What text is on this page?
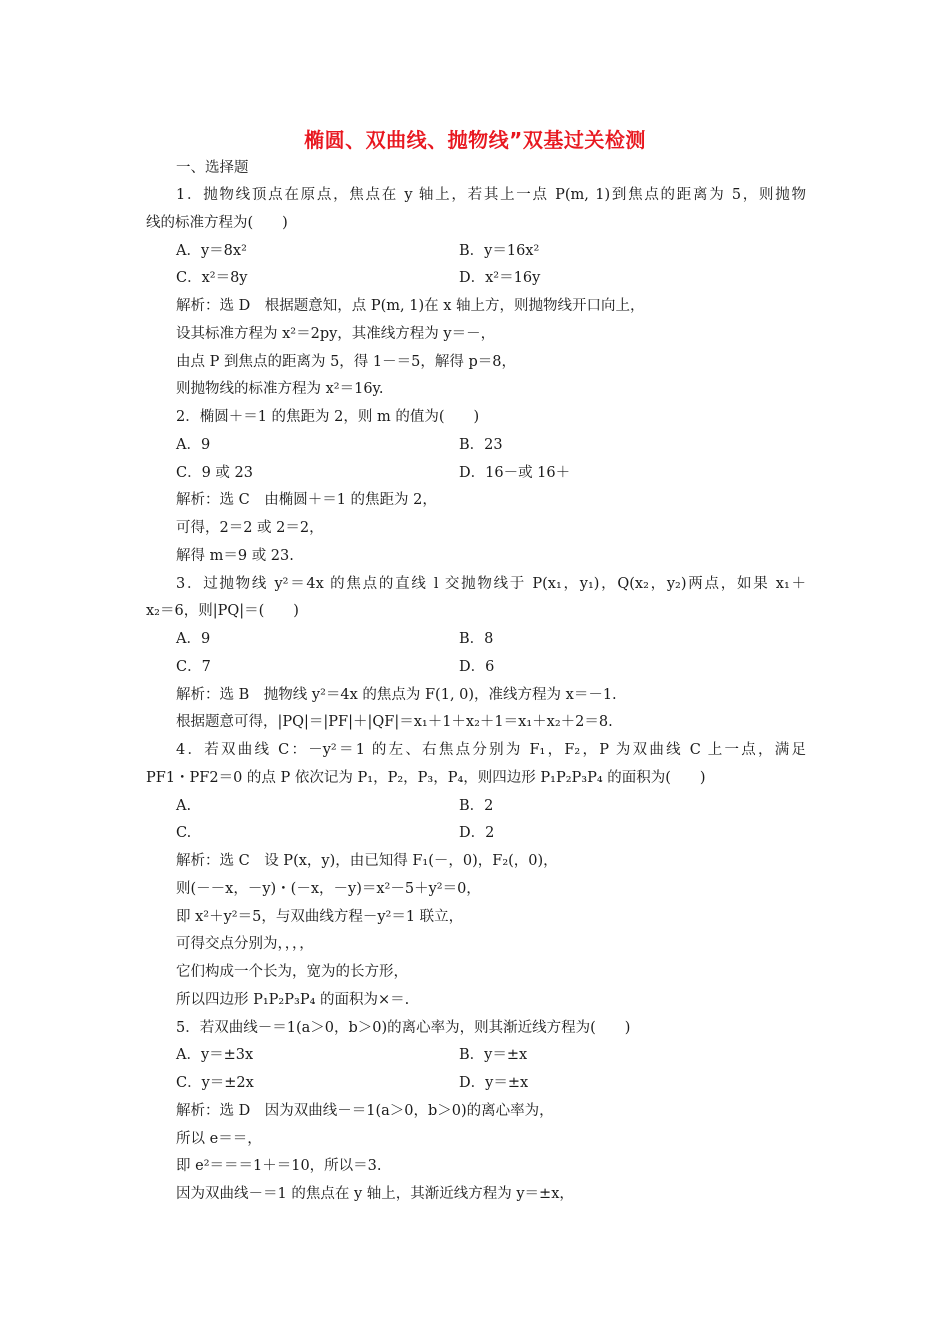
椭圆、双曲线、抛物线”双基过关检测
一、选择题
1．抛物线顶点在原点，焦点在 y 轴上，若其上一点 P(m, 1)到焦点的距离为 5，则抛物
线的标准方程为(　　)
A．y＝8x²	B．y＝16x²
C．x²＝8y	D．x²＝16y
解析：选 D　根据题意知，点 P(m, 1)在 x 轴上方，则抛物线开口向上，
设其标准方程为 x²＝2py，其准线方程为 y＝－，
由点 P 到焦点的距离为 5，得 1－＝5，解得 p＝8，
则抛物线的标准方程为 x²＝16y.
2．椭圆＋＝1 的焦距为 2，则 m 的值为(　　)
A．9	B．23
C．9 或 23	D．16－或 16＋
解析：选 C　由椭圆＋＝1 的焦距为 2，
可得，2＝2 或 2＝2，
解得 m＝9 或 23.
3．过抛物线 y²＝4x 的焦点的直线 l 交抛物线于 P(x₁，y₁)，Q(x₂，y₂)两点，如果 x₁＋
x₂＝6，则|PQ|＝(　　)
A．9	B．8
C．7	D．6
解析：选 B　抛物线 y²＝4x 的焦点为 F(1, 0)，准线方程为 x＝－1.
根据题意可得，|PQ|＝|PF|＋|QF|＝x₁＋1＋x₂＋1＝x₁＋x₂＋2＝8.
4．若双曲线 C：－y²＝1 的左、右焦点分别为 F₁，F₂，P 为双曲线 C 上一点，满足
PF1・PF2＝0 的点 P 依次记为 P₁，P₂，P₃，P₄，则四边形 P₁P₂P₃P₄ 的面积为(　　)
A.	B．2
C.	D．2
解析：选 C　设 P(x，y)，由已知得 F₁(－，0)，F₂(，0)，
则(－－x，－y)・(－x，－y)＝x²－5＋y²＝0，
即 x²＋y²＝5，与双曲线方程－y²＝1 联立，
可得交点分别为，，，，
它们构成一个长为，宽为的长方形，
所以四边形 P₁P₂P₃P₄ 的面积为×＝.
5．若双曲线－＝1(a＞0，b＞0)的离心率为，则其渐近线方程为(　　)
A．y＝±3x	B．y＝±x
C．y＝±2x	D．y＝±x
解析：选 D　因为双曲线－＝1(a＞0，b＞0)的离心率为，
所以 e＝＝，
即 e²＝＝＝1＋＝10，所以＝3.
因为双曲线－＝1 的焦点在 y 轴上，其渐近线方程为 y＝±x，
